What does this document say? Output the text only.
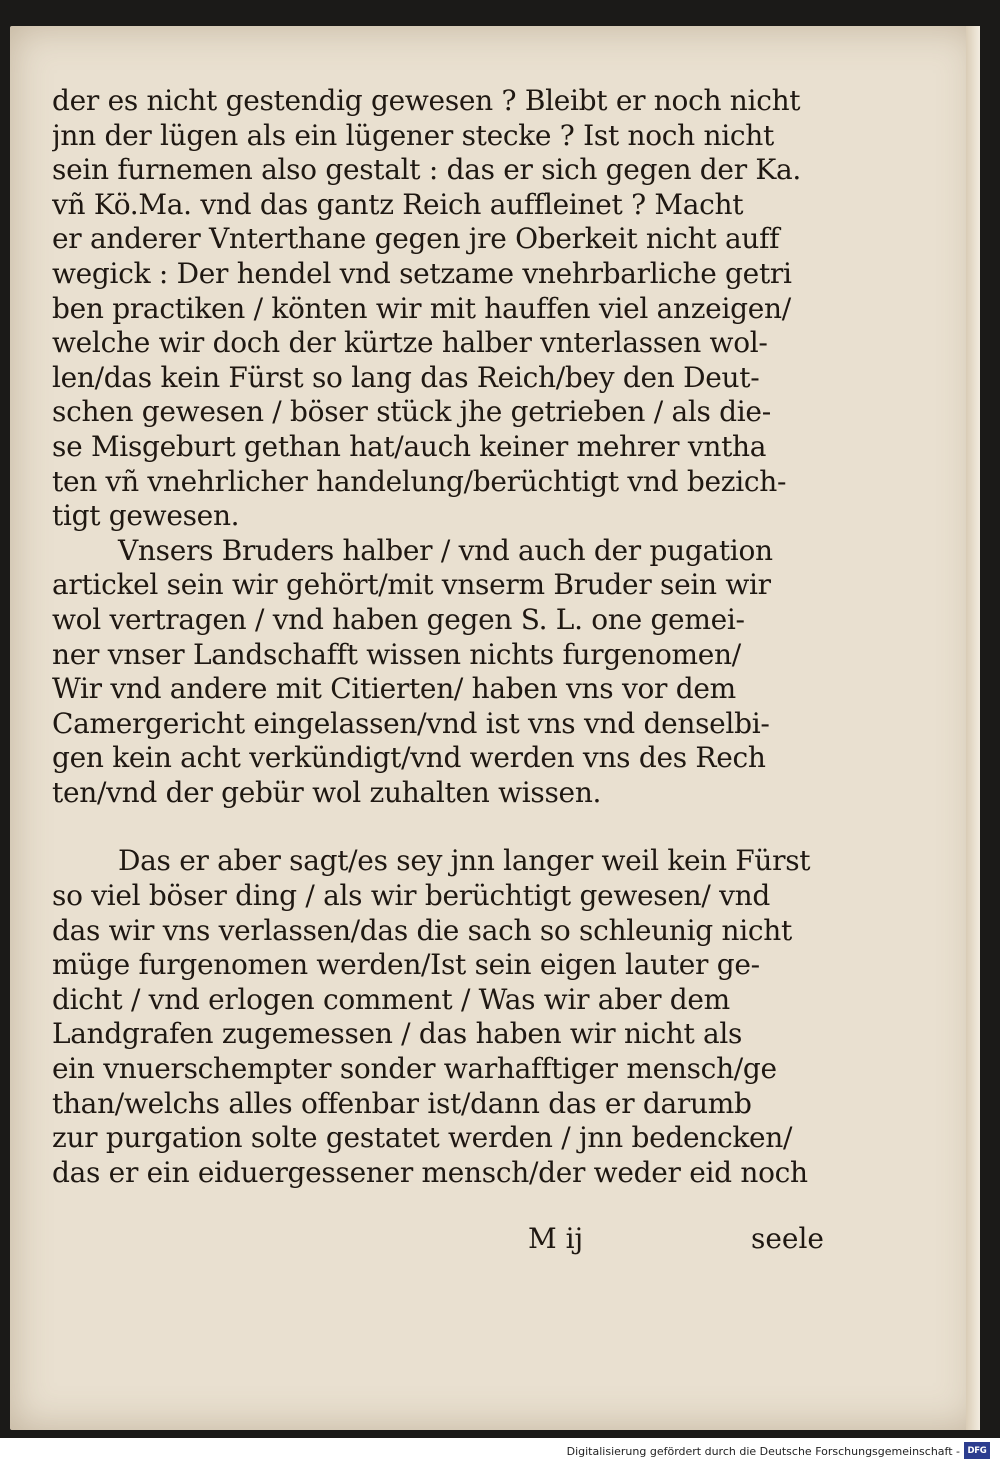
der es nicht gestendig gewesen ? Bleibt er noch nicht
jnn der lügen als ein lügener stecke ? Ist noch nicht
sein furnemen also gestalt : das er sich gegen der Ka.
vñ Kö.Ma. vnd das gantz Reich auffleinet ? Macht
er anderer Vnterthane gegen jre Oberkeit nicht auff
wegick : Der hendel vnd setzame vnehrbarliche getri
ben practiken / könten wir mit hauffen viel anzeigen/
welche wir doch der kürtze halber vnterlassen wol-
len/das kein Fürst so lang das Reich/bey den Deut-
schen gewesen / böser stück jhe getrieben / als die-
se Misgeburt gethan hat/auch keiner mehrer vntha
ten vñ vnehrlicher handelung/berüchtigt vnd bezich-
tigt gewesen.
Vnsers Bruders halber / vnd auch der pugation
artickel sein wir gehört/mit vnserm Bruder sein wir
wol vertragen / vnd haben gegen S. L. one gemei-
ner vnser Landschafft wissen nichts furgenomen/
Wir vnd andere mit Citierten/ haben vns vor dem
Camergericht eingelassen/vnd ist vns vnd denselbi-
gen kein acht verkündigt/vnd werden vns des Rech
ten/vnd der gebür wol zuhalten wissen.
Das er aber sagt/es sey jnn langer weil kein Fürst
so viel böser ding / als wir berüchtigt gewesen/ vnd
das wir vns verlassen/das die sach so schleunig nicht
müge furgenomen werden/Ist sein eigen lauter ge-
dicht / vnd erlogen comment / Was wir aber dem
Landgrafen zugemessen / das haben wir nicht als
ein vnuerschempter sonder warhafftiger mensch/ge
than/welchs alles offenbar ist/dann das er darumb
zur purgation solte gestatet werden / jnn bedencken/
das er ein eiduergessener mensch/der weder eid noch
M ij	seele
Digitalisierung gefördert durch die Deutsche Forschungsgemeinschaft - DFG
